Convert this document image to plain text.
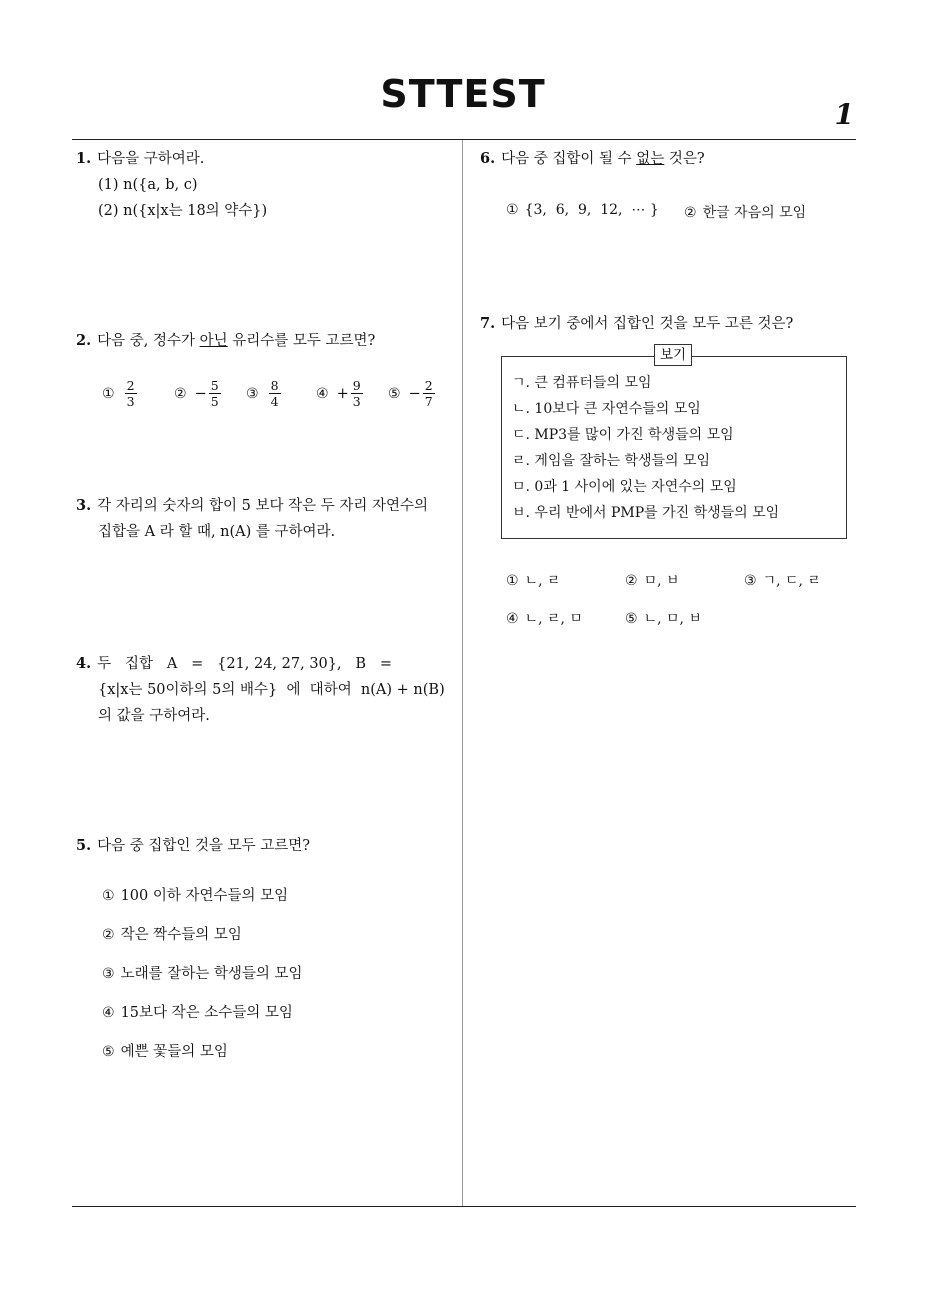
STTEST	1
1. 다음을 구하여라.
(1) n({a, b, c)
(2) n({x|x는 18의 약수})
2. 다음 중, 정수가 아닌 유리수를 모두 고르면?
① $\frac{2}{3}$	② − $\frac{5}{5}$ ③ $\frac{8}{4}$	④ + $\frac{9}{3}$ ⑤ − $\frac{2}{7}$
3. 각 자리의 숫자의 합이 5 보다 작은 두 자리 자연수의
집합을 A 라 할 때, n(A) 를 구하여라.
4. 두   집합   A   =   {21, 24, 27, 30},   B   =
{x|x는 50이하의 5의 배수}  에  대하여  n(A) + n(B)
의 값을 구하여라.
5. 다음 중 집합인 것을 모두 고르면?
① 100 이하 자연수들의 모임
② 작은 짝수들의 모임
③ 노래를 잘하는 학생들의 모임
④ 15보다 작은 소수들의 모임
⑤ 예쁜 꽃들의 모임
6. 다음 중 집합이 될 수 없는 것은?
① {3,  6,  9,  12,  ⋯ } ② 한글 자음의 모임
7. 다음 보기 중에서 집합인 것을 모두 고른 것은?
보기
ㄱ. 큰 컴퓨터들의 모임
ㄴ. 10보다 큰 자연수들의 모임
ㄷ. MP3를 많이 가진 학생들의 모임
ㄹ. 게임을 잘하는 학생들의 모임
ㅁ. 0과 1 사이에 있는 자연수의 모임
ㅂ. 우리 반에서 PMP를 가진 학생들의 모임
① ㄴ, ㄹ	② ㅁ, ㅂ	③ ㄱ, ㄷ, ㄹ
④ ㄴ, ㄹ, ㅁ	⑤ ㄴ, ㅁ, ㅂ
